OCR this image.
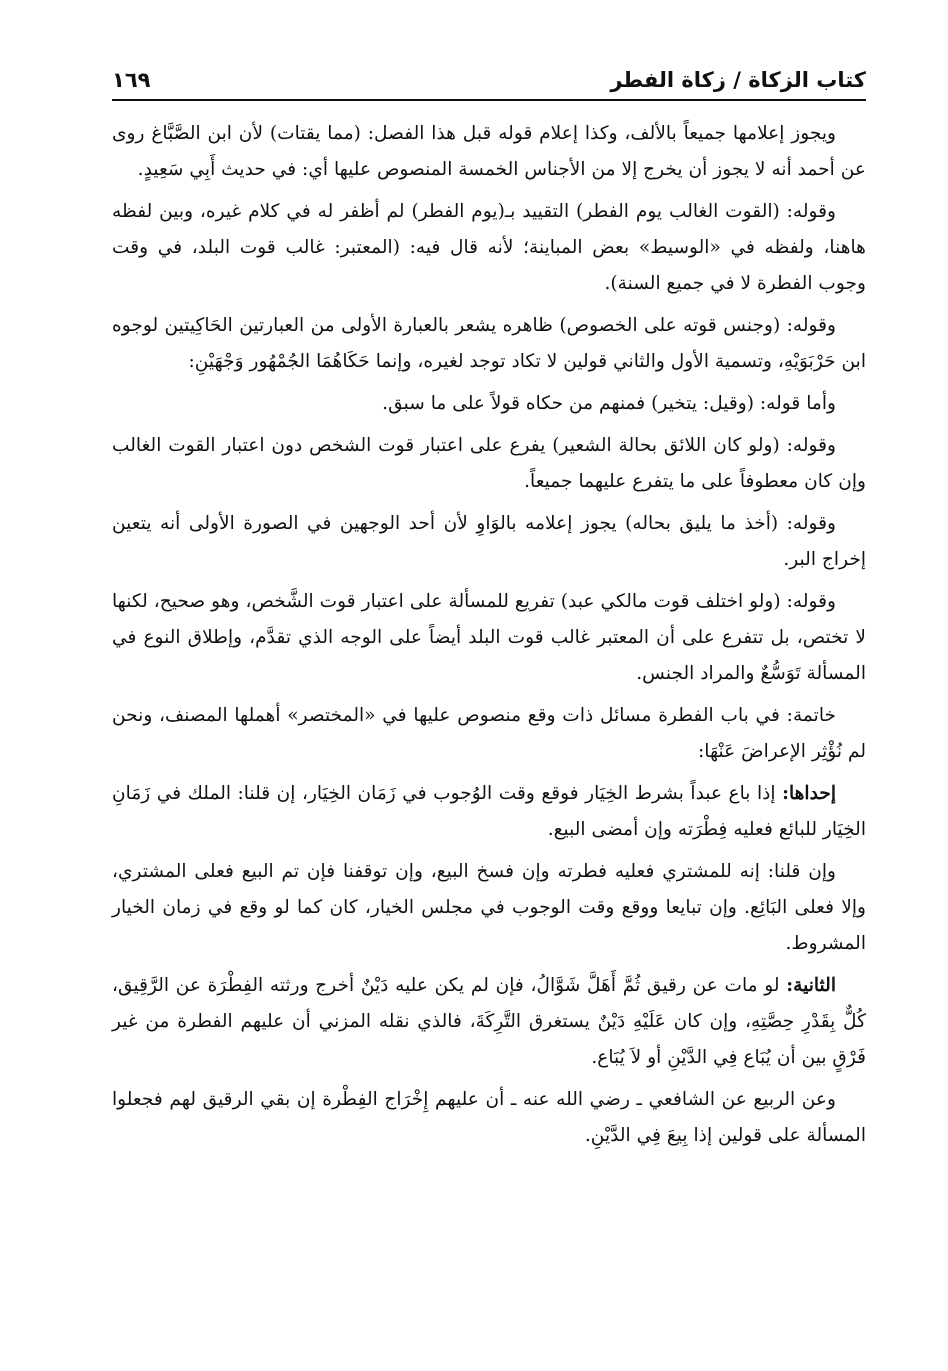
كتاب الزكاة / زكاة الفطر
١٦٩

ويجوز إعلامها جميعاً بالألف، وكذا إعلام قوله قبل هذا الفصل: (مما يقتات) لأن ابن الصَّبَّاغ روى عن أحمد أنه لا يجوز أن يخرج إلا من الأجناس الخمسة المنصوص عليها أي: في حديث أَبِي سَعِيدٍ.

وقوله: (القوت الغالب يوم الفطر) التقييد بـ(يوم الفطر) لم أظفر له في كلام غيره، وبين لفظه هاهنا، ولفظه في «الوسيط» بعض المباينة؛ لأنه قال فيه: (المعتبر: غالب قوت البلد، في وقت وجوب الفطرة لا في جميع السنة).

وقوله: (وجنس قوته على الخصوص) ظاهره يشعر بالعبارة الأولى من العبارتين الحَاكِيتين لوجوه ابن حَرْبَوَيْهِ، وتسمية الأول والثاني قولين لا تكاد توجد لغيره، وإنما حَكَاهُمَا الجُمْهُور وَجْهَيْنِ:

وأما قوله: (وقيل: يتخير) فمنهم من حكاه قولاً على ما سبق.

وقوله: (ولو كان اللائق بحالة الشعير) يفرع على اعتبار قوت الشخص دون اعتبار القوت الغالب وإن كان معطوفاً على ما يتفرع عليهما جميعاً.

وقوله: (أخذ ما يليق بحاله) يجوز إعلامه بالوَاوِ لأن أحد الوجهين في الصورة الأولى أنه يتعين إخراج البر.

وقوله: (ولو اختلف قوت مالكي عبد) تفريع للمسألة على اعتبار قوت الشَّخص، وهو صحيح، لكنها لا تختص، بل تتفرع على أن المعتبر غالب قوت البلد أيضاً على الوجه الذي تقدَّم، وإطلاق النوع في المسألة تَوَسُّعٌ والمراد الجنس.

خاتمة: في باب الفطرة مسائل ذات وقع منصوص عليها في «المختصر» أهملها المصنف، ونحن لم نُؤْثِر الإعراضَ عَنْهَا:

إحداها: إذا باع عبداً بشرط الخِيَار فوقع وقت الوُجوب في زَمَان الخِيَار، إن قلنا: الملك في زَمَانِ الخِيَار للبائع فعليه فِطْرَته وإن أمضى البيع.

وإن قلنا: إنه للمشتري فعليه فطرته وإن فسخ البيع، وإن توقفنا فإن تم البيع فعلى المشتري، وإلا فعلى البَائِع. وإن تبايعا ووقع وقت الوجوب في مجلس الخيار، كان كما لو وقع في زمان الخيار المشروط.

الثانية: لو مات عن رقيق ثُمَّ أَهَلَّ شَوَّالُ، فإن لم يكن عليه دَيْنٌ أخرج ورثته الفِطْرَة عن الرَّقِيق، كُلٌّ بِقَدْرِ حِصَّتِهِ، وإن كان عَلَيْهِ دَيْنٌ يستغرق التَّرِكَةَ، فالذي نقله المزني أن عليهم الفطرة من غير فَرْقٍ بين أن يُبَاع فِي الدَّيْنِ أو لاَ يُبَاع.

وعن الربيع عن الشافعي ـ رضي الله عنه ـ أن عليهم إِخْرَاج الفِطْرة إن بقي الرقيق لهم فجعلوا المسألة على قولين إذا بِيعَ فِي الدَّيْنِ.
